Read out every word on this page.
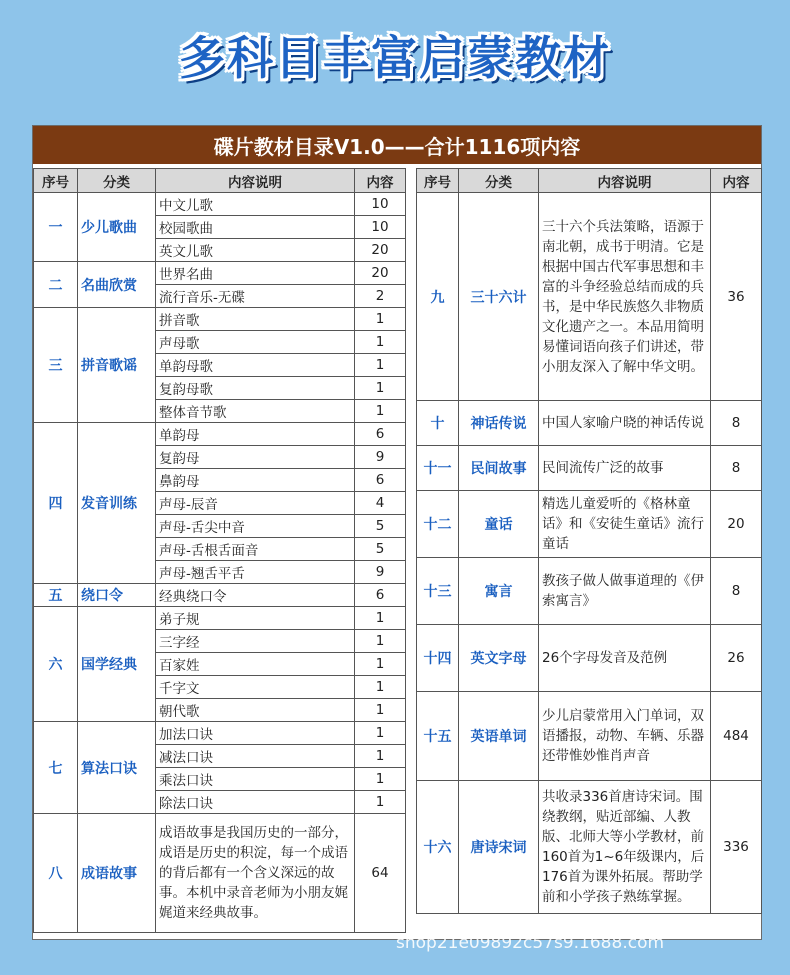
多科目丰富启蒙教材
碟片教材目录V1.0——合计1116项内容
序号	分类	内容说明	内容
一	少儿歌曲	中文儿歌	10
		校园歌曲	10
		英文儿歌	20
二	名曲欣赏	世界名曲	20
		流行音乐-无碟	2
三	拼音歌谣	拼音歌	1
		声母歌	1
		单韵母歌	1
		复韵母歌	1
		整体音节歌	1
四	发音训练	单韵母	6
		复韵母	9
		鼻韵母	6
		声母-辰音	4
		声母-舌尖中音	5
		声母-舌根舌面音	5
		声母-翘舌平舌	9
五	绕口令	经典绕口令	6
六	国学经典	弟子规	1
		三字经	1
		百家姓	1
		千字文	1
		朝代歌	1
七	算法口诀	加法口诀	1
		减法口诀	1
		乘法口诀	1
		除法口诀	1
八	成语故事	成语故事是我国历史的一部分，成语是历史的积淀，每一个成语的背后都有一个含义深远的故事。本机中录音老师为小朋友娓娓道来经典故事。	64
序号	分类	内容说明	内容
九	三十六计	三十六个兵法策略，语源于南北朝，成书于明清。它是根据中国古代军事思想和丰富的斗争经验总结而成的兵书，是中华民族悠久非物质文化遗产之一。本品用简明易懂词语向孩子们讲述，带小朋友深入了解中华文明。	36
十	神话传说	中国人家喻户晓的神话传说	8
十一	民间故事	民间流传广泛的故事	8
十二	童话	精选儿童爱听的《格林童话》和《安徒生童话》流行童话	20
十三	寓言	教孩子做人做事道理的《伊索寓言》	8
十四	英文字母	26个字母发音及范例	26
十五	英语单词	少儿启蒙常用入门单词，双语播报，动物、车辆、乐器还带惟妙惟肖声音	484
十六	唐诗宋词	共收录336首唐诗宋词。围绕教纲，贴近部编、人教版、北师大等小学教材，前160首为1~6年级课内，后176首为课外拓展。帮助学前和小学孩子熟练掌握。	336
shop21e09892c57s9.1688.com
